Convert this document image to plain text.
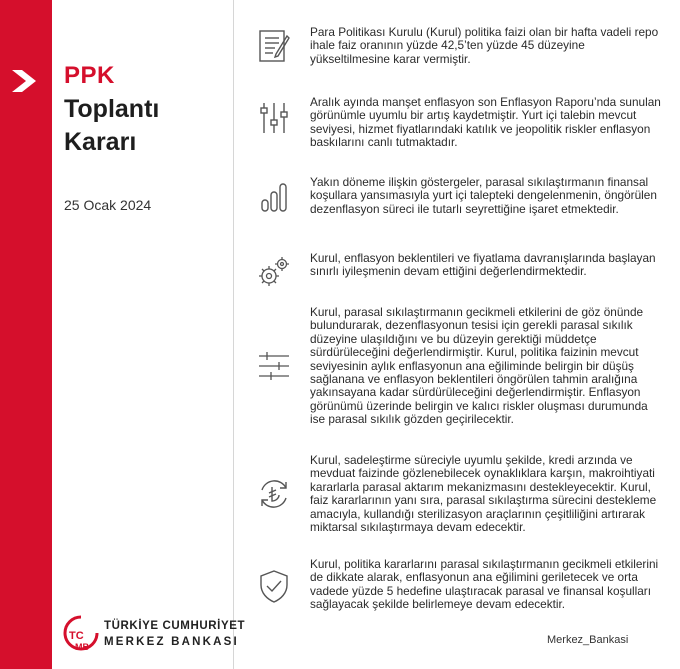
PPK
Toplantı
Kararı
25 Ocak 2024
TC
MB
TÜRKİYE CUMHURİYET
MERKEZ BANKASI
Para Politikası Kurulu (Kurul) politika faizi olan bir hafta vadeli repo ihale faiz oranının yüzde 42,5’ten yüzde 45 düzeyine yükseltilmesine karar vermiştir.
Aralık ayında manşet enflasyon son Enflasyon Raporu’nda sunulan görünümle uyumlu bir artış kaydetmiştir. Yurt içi talebin mevcut seviyesi, hizmet fiyatlarındaki katılık ve jeopolitik riskler enflasyon baskılarını canlı tutmaktadır.
Yakın döneme ilişkin göstergeler, parasal sıkılaştırmanın finansal koşullara yansımasıyla yurt içi talepteki dengelenmenin, öngörülen dezenflasyon süreci ile tutarlı seyrettiğine işaret etmektedir.
Kurul, enflasyon beklentileri ve fiyatlama davranışlarında başlayan sınırlı iyileşmenin devam ettiğini değerlendirmektedir.
Kurul, parasal sıkılaştırmanın gecikmeli etkilerini de göz önünde bulundurarak, dezenflasyonun tesisi için gerekli parasal sıkılık düzeyine ulaşıldığını ve bu düzeyin gerektiği müddetçe sürdürüleceğini değerlendirmiştir. Kurul, politika faizinin mevcut seviyesinin aylık enflasyonun ana eğiliminde belirgin bir düşüş sağlanana ve enflasyon beklentileri öngörülen tahmin aralığına yakınsayana kadar sürdürüleceğini değerlendirmiştir. Enflasyon görünümü üzerinde belirgin ve kalıcı riskler oluşması durumunda ise parasal sıkılık gözden geçirilecektir.
Kurul, sadeleştirme süreciyle uyumlu şekilde, kredi arzında ve mevduat faizinde gözlenebilecek oynaklıklara karşın, makroihtiyati kararlarla parasal aktarım mekanizmasını destekleyecektir. Kurul, faiz kararlarının yanı sıra, parasal sıkılaştırma sürecini destekleme amacıyla, kullandığı sterilizasyon araçlarının çeşitliliğini artırarak miktarsal sıkılaştırmaya devam edecektir.
Kurul, politika kararlarını parasal sıkılaştırmanın gecikmeli etkilerini de dikkate alarak, enflasyonun ana eğilimini geriletecek ve orta vadede yüzde 5 hedefine ulaştıracak parasal ve finansal koşulları sağlayacak şekilde belirlemeye devam edecektir.
Merkez_Bankasi
